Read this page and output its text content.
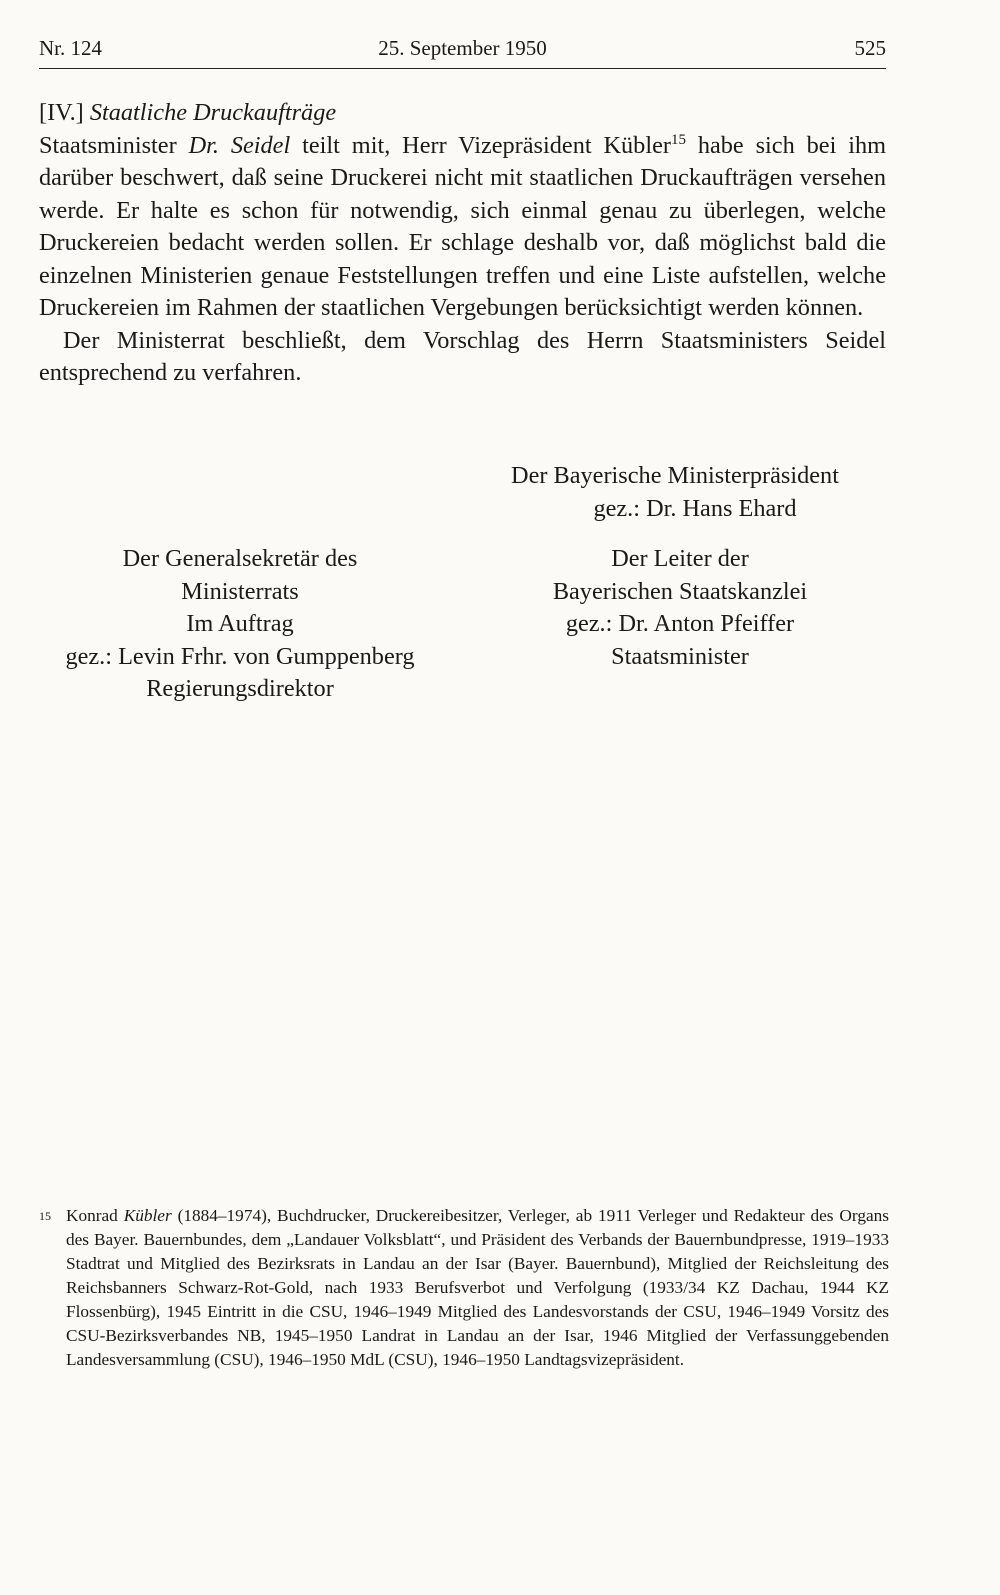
Nr. 124	25. September 1950	525

[IV.] Staatliche Druckaufträge

Staatsminister Dr. Seidel teilt mit, Herr Vizepräsident Kübler$^{15}$ habe sich bei ihm darüber beschwert, daß seine Druckerei nicht mit staatlichen Druckaufträgen versehen werde. Er halte es schon für notwendig, sich einmal genau zu überlegen, welche Druckereien bedacht werden sollen. Er schlage deshalb vor, daß möglichst bald die einzelnen Ministerien genaue Feststellungen treffen und eine Liste aufstellen, welche Druckereien im Rahmen der staatlichen Vergebungen berücksichtigt werden können.

Der Ministerrat beschließt, dem Vorschlag des Herrn Staatsministers Seidel entsprechend zu verfahren.

Der Bayerische Ministerpräsident
gez.: Dr. Hans Ehard
Der Generalsekretär des
Ministerrats
Im Auftrag
gez.: Levin Frhr. von Gumppenberg
Regierungsdirektor
Der Leiter der
Bayerischen Staatskanzlei
gez.: Dr. Anton Pfeiffer
Staatsminister
15 Konrad Kübler (1884–1974), Buchdrucker, Druckereibesitzer, Verleger, ab 1911 Verleger und Redakteur des Organs des Bayer. Bauernbundes, dem „Landauer Volksblatt“, und Präsident des Verbands der Bauernbundpresse, 1919–1933 Stadtrat und Mitglied des Bezirksrats in Landau an der Isar (Bayer. Bauernbund), Mitglied der Reichsleitung des Reichsbanners Schwarz-Rot-Gold, nach 1933 Berufsverbot und Verfolgung (1933/34 KZ Dachau, 1944 KZ Flossenbürg), 1945 Eintritt in die CSU, 1946–1949 Mitglied des Landesvorstands der CSU, 1946–1949 Vorsitz des CSU-Bezirksverbandes NB, 1945–1950 Landrat in Landau an der Isar, 1946 Mitglied der Verfassunggebenden Landesversammlung (CSU), 1946–1950 MdL (CSU), 1946–1950 Landtagsvizepräsident.
